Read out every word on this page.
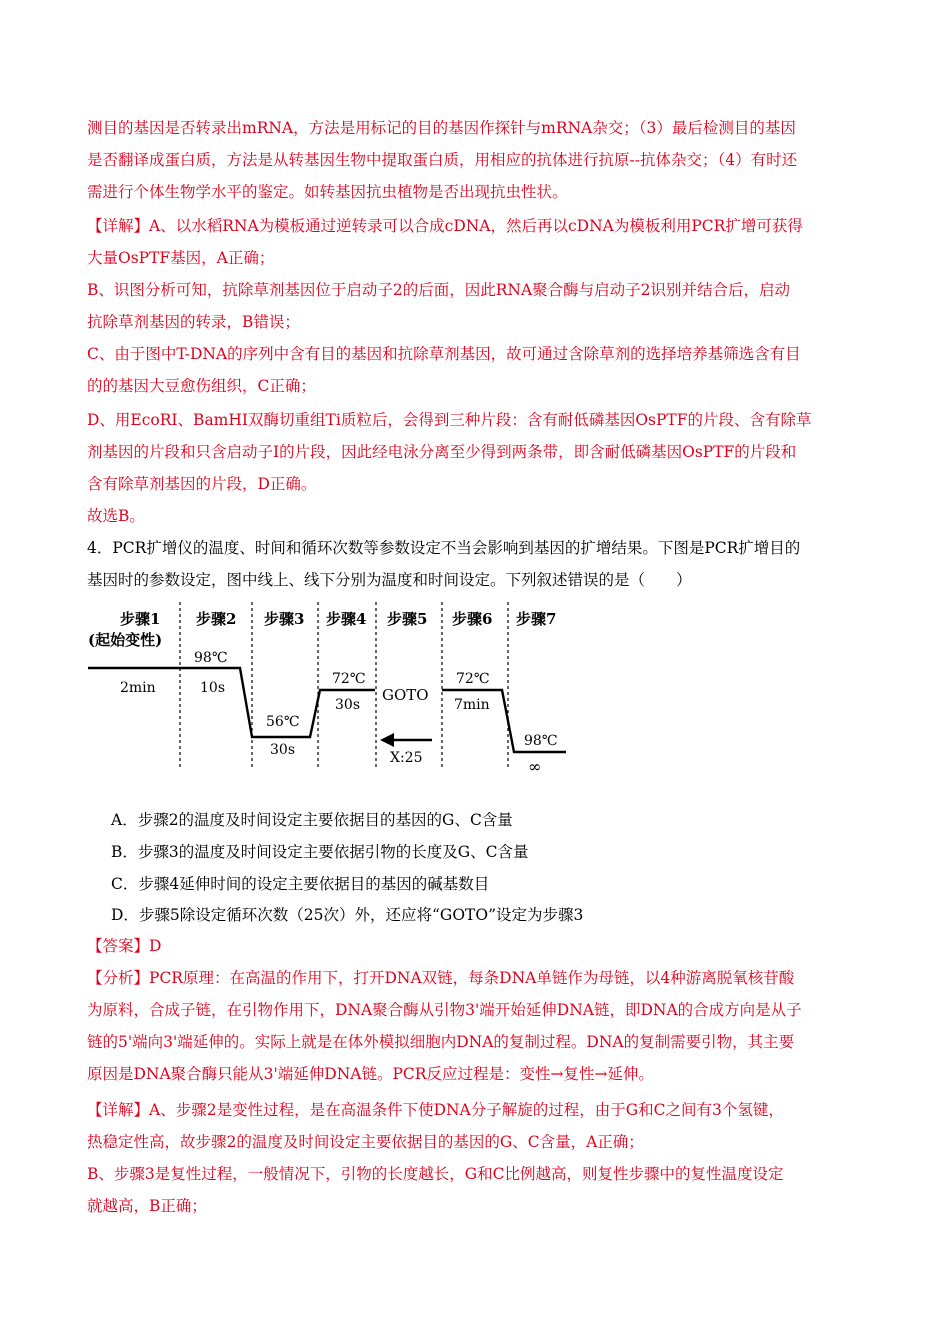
测目的基因是否转录出mRNA，方法是用标记的目的基因作探针与mRNA杂交；（3）最后检测目的基因
是否翻译成蛋白质，方法是从转基因生物中提取蛋白质，用相应的抗体进行抗原--抗体杂交；（4）有时还
需进行个体生物学水平的鉴定。如转基因抗虫植物是否出现抗虫性状。
【详解】A、以水稻RNA为模板通过逆转录可以合成cDNA，然后再以cDNA为模板利用PCR扩增可获得
大量OsPTF基因，A正确；
B、识图分析可知，抗除草剂基因位于启动子2的后面，因此RNA聚合酶与启动子2识别并结合后，启动
抗除草剂基因的转录，B错误；
C、由于图中T-DNA的序列中含有目的基因和抗除草剂基因，故可通过含除草剂的选择培养基筛选含有目
的的基因大豆愈伤组织，C正确；
D、用EcoRI、BamHI双酶切重组Ti质粒后，会得到三种片段：含有耐低磷基因OsPTF的片段、含有除草
剂基因的片段和只含启动子I的片段，因此经电泳分离至少得到两条带，即含耐低磷基因OsPTF的片段和
含有除草剂基因的片段，D正确。
故选B。
4．PCR扩增仪的温度、时间和循环次数等参数设定不当会影响到基因的扩增结果。下图是PCR扩增目的
基因时的参数设定，图中线上、线下分别为温度和时间设定。下列叙述错误的是（　　）
步骤1 步骤2 步骤3 步骤4 步骤5 步骤6 步骤7
(起始变性)
2min
98℃
10s
56℃
30s
72℃
30s
GOTO
X:25
72℃
7min
98℃
∞
A．步骤2的温度及时间设定主要依据目的基因的G、C含量
B．步骤3的温度及时间设定主要依据引物的长度及G、C含量
C．步骤4延伸时间的设定主要依据目的基因的碱基数目
D．步骤5除设定循环次数（25次）外，还应将“GOTO”设定为步骤3
【答案】D
【分析】PCR原理：在高温的作用下，打开DNA双链，每条DNA单链作为母链，以4种游离脱氧核苷酸
为原料，合成子链，在引物作用下，DNA聚合酶从引物3'端开始延伸DNA链，即DNA的合成方向是从子
链的5'端向3'端延伸的。实际上就是在体外模拟细胞内DNA的复制过程。DNA的复制需要引物，其主要
原因是DNA聚合酶只能从3'端延伸DNA链。PCR反应过程是：变性→复性→延伸。
【详解】A、步骤2是变性过程，是在高温条件下使DNA分子解旋的过程，由于G和C之间有3个氢键，
热稳定性高，故步骤2的温度及时间设定主要依据目的基因的G、C含量，A正确；
B、步骤3是复性过程，一般情况下，引物的长度越长，G和C比例越高，则复性步骤中的复性温度设定
就越高，B正确；
